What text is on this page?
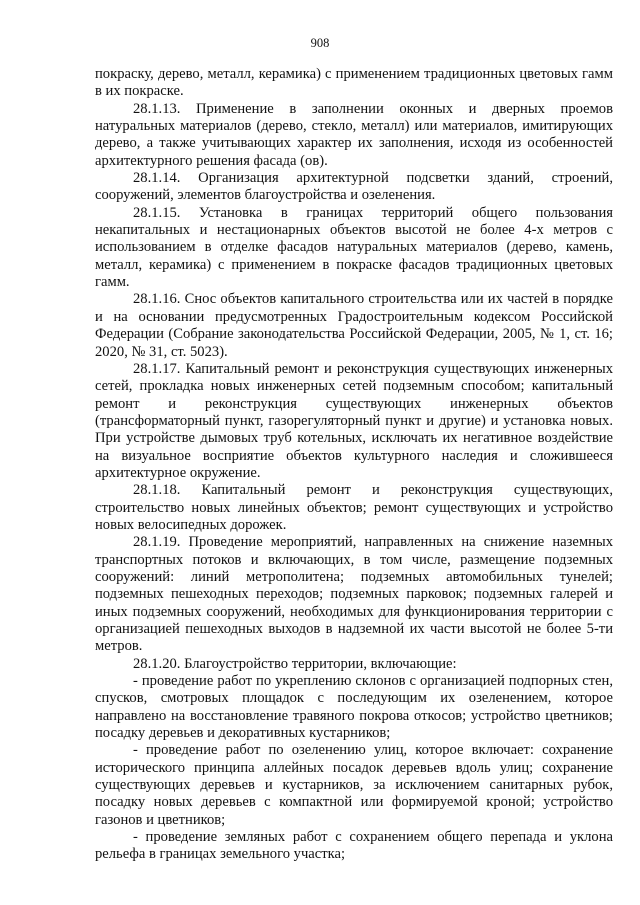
908

покраску, дерево, металл, керамика) с применением традиционных цветовых гамм в их покраске.

28.1.13. Применение в заполнении оконных и дверных проемов натуральных материалов (дерево, стекло, металл) или материалов, имитирующих дерево, а также учитывающих характер их заполнения, исходя из особенностей архитектурного решения фасада (ов).

28.1.14. Организация архитектурной подсветки зданий, строений, сооружений, элементов благоустройства и озеленения.

28.1.15. Установка в границах территорий общего пользования некапитальных и нестационарных объектов высотой не более 4-х метров с использованием в отделке фасадов натуральных материалов (дерево, камень, металл, керамика) с применением в покраске фасадов традиционных цветовых гамм.

28.1.16. Снос объектов капитального строительства или их частей в порядке и на основании предусмотренных Градостроительным кодексом Российской Федерации (Собрание законодательства Российской Федерации, 2005, № 1, ст. 16; 2020, № 31, ст. 5023).

28.1.17. Капитальный ремонт и реконструкция существующих инженерных сетей, прокладка новых инженерных сетей подземным способом; капитальный ремонт и реконструкция существующих инженерных объектов (трансформаторный пункт, газорегуляторный пункт и другие) и установка новых. При устройстве дымовых труб котельных, исключать их негативное воздействие на визуальное восприятие объектов культурного наследия и сложившееся архитектурное окружение.

28.1.18. Капитальный ремонт и реконструкция существующих, строительство новых линейных объектов; ремонт существующих и устройство новых велосипедных дорожек.

28.1.19. Проведение мероприятий, направленных на снижение наземных транспортных потоков и включающих, в том числе, размещение подземных сооружений: линий метрополитена; подземных автомобильных тунелей; подземных пешеходных переходов; подземных парковок; подземных галерей и иных подземных сооружений, необходимых для функционирования территории с организацией пешеходных выходов в надземной их части высотой не более 5-ти метров.

28.1.20. Благоустройство территории, включающие:

- проведение работ по укреплению склонов с организацией подпорных стен, спусков, смотровых площадок с последующим их озеленением, которое направлено на восстановление травяного покрова откосов; устройство цветников; посадку деревьев и декоративных кустарников;

- проведение работ по озеленению улиц, которое включает: сохранение исторического принципа аллейных посадок деревьев вдоль улиц; сохранение существующих деревьев и кустарников, за исключением санитарных рубок, посадку новых деревьев с компактной или формируемой кроной; устройство газонов и цветников;

- проведение земляных работ с сохранением общего перепада и уклона рельефа в границах земельного участка;
